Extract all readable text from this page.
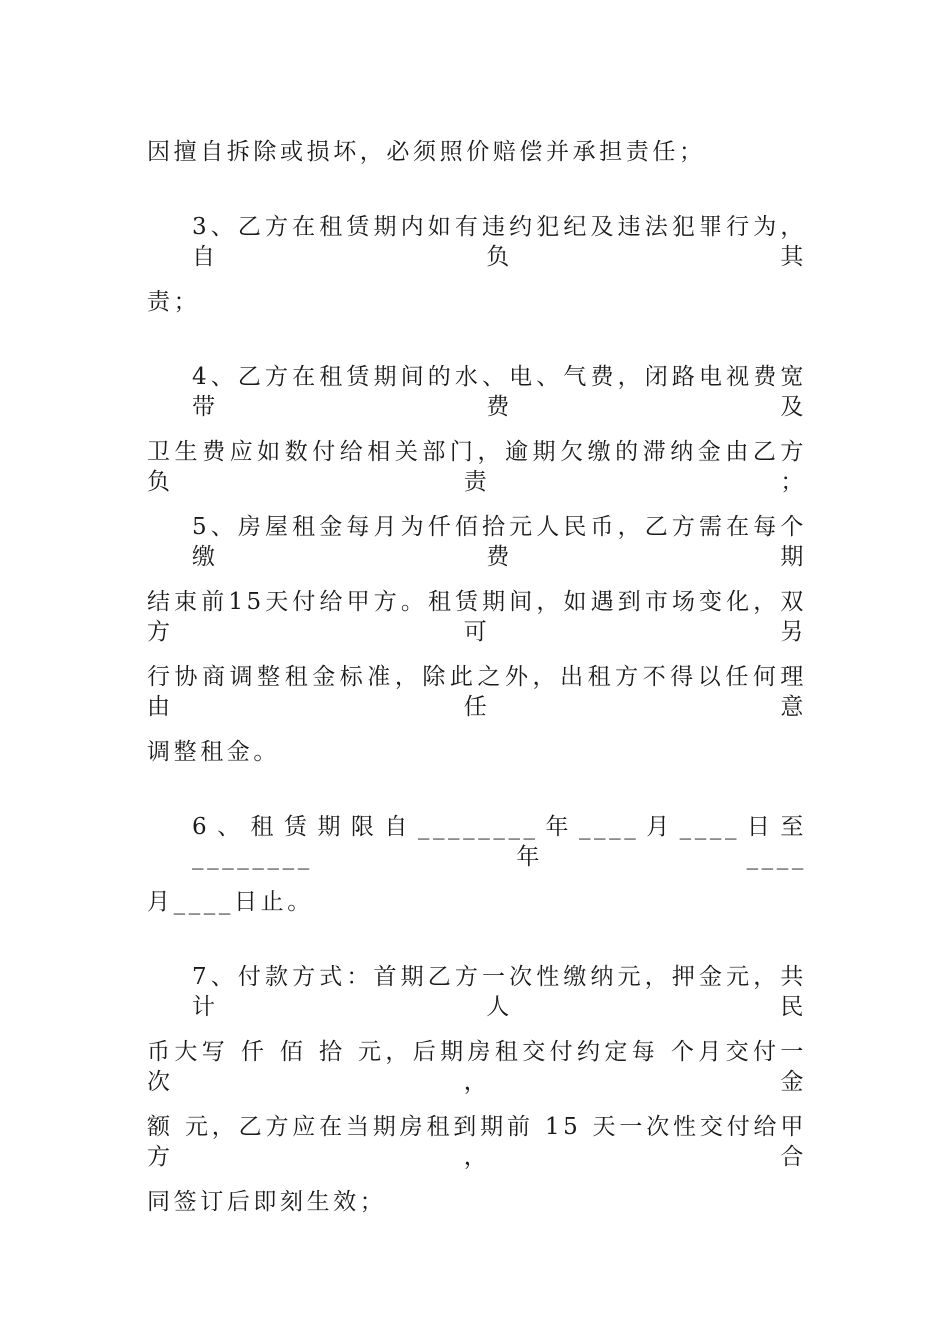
因擅自拆除或损坏，必须照价赔偿并承担责任；
3、乙方在租赁期内如有违约犯纪及违法犯罪行为，自负其
责；
4、乙方在租赁期间的水、电、气费，闭路电视费宽带费及
卫生费应如数付给相关部门，逾期欠缴的滞纳金由乙方负责；
5、房屋租金每月为仟佰拾元人民币，乙方需在每个缴费期
结束前15天付给甲方。租赁期间，如遇到市场变化，双方可另
行协商调整租金标准，除此之外，出租方不得以任何理由任意
调整租金。
6、租赁期限自________年____月____日至________年____
月____日止。
7、付款方式：首期乙方一次性缴纳元，押金元，共计人民
币大写 仟 佰 拾 元，后期房租交付约定每 个月交付一次，金
额 元，乙方应在当期房租到期前 15 天一次性交付给甲方，合
同签订后即刻生效；
